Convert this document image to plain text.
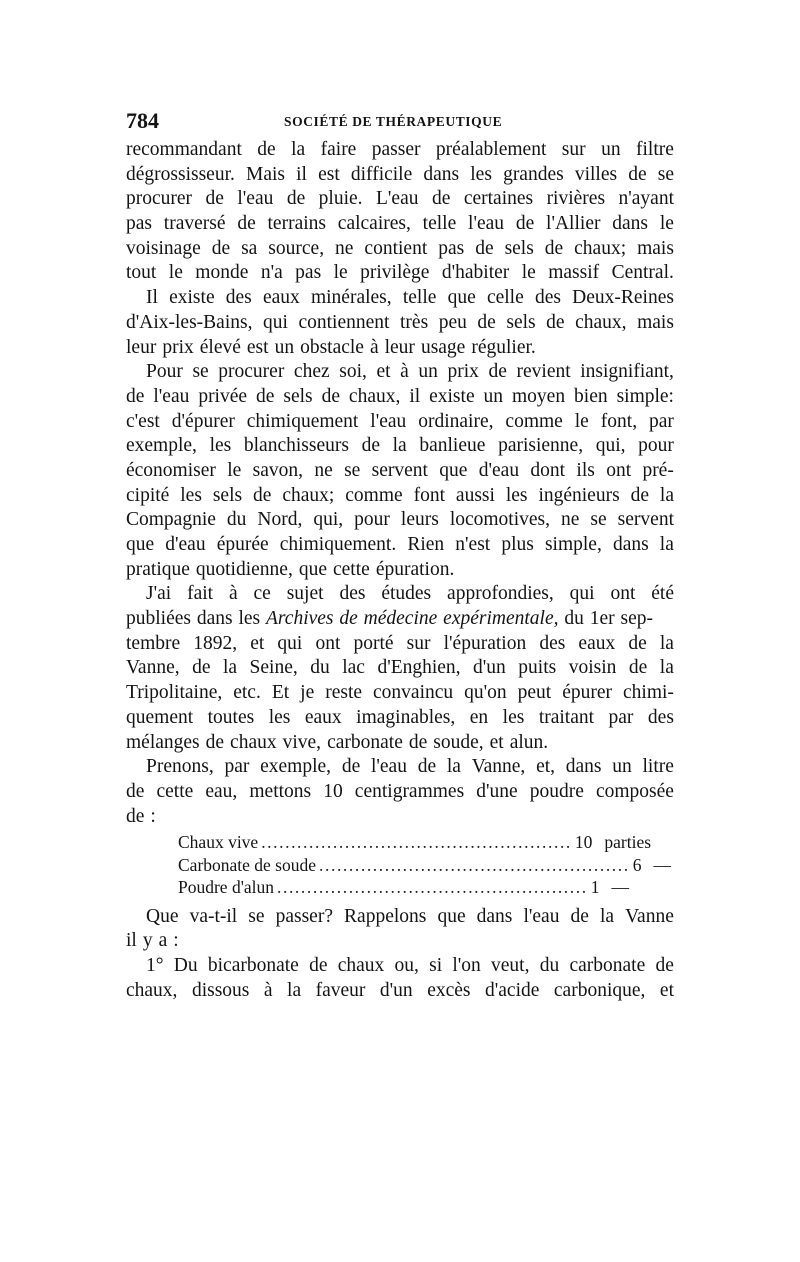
784	SOCIÉTÉ DE THÉRAPEUTIQUE
recommandant de la faire passer préalablement sur un filtre
dégrossisseur. Mais il est difficile dans les grandes villes de se
procurer de l'eau de pluie. L'eau de certaines rivières n'ayant
pas traversé de terrains calcaires, telle l'eau de l'Allier dans le
voisinage de sa source, ne contient pas de sels de chaux; mais
tout le monde n'a pas le privilège d'habiter le massif Central.
Il existe des eaux minérales, telle que celle des Deux-Reines
d'Aix-les-Bains, qui contiennent très peu de sels de chaux, mais
leur prix élevé est un obstacle à leur usage régulier.
Pour se procurer chez soi, et à un prix de revient insignifiant,
de l'eau privée de sels de chaux, il existe un moyen bien simple:
c'est d'épurer chimiquement l'eau ordinaire, comme le font, par
exemple, les blanchisseurs de la banlieue parisienne, qui, pour
économiser le savon, ne se servent que d'eau dont ils ont pré-
cipité les sels de chaux; comme font aussi les ingénieurs de la
Compagnie du Nord, qui, pour leurs locomotives, ne se servent
que d'eau épurée chimiquement. Rien n'est plus simple, dans la
pratique quotidienne, que cette épuration.
J'ai fait à ce sujet des études approfondies, qui ont été
publiées dans les
Archives de médecine expérimentale,
du 1er sep-
tembre 1892, et qui ont porté sur l'épuration des eaux de la
Vanne, de la Seine, du lac d'Enghien, d'un puits voisin de la
Tripolitaine, etc. Et je reste convaincu qu'on peut épurer chimi-
quement toutes les eaux imaginables, en les traitant par des
mélanges de chaux vive, carbonate de soude, et alun.
Prenons, par exemple, de l'eau de la Vanne, et, dans un litre
de cette eau, mettons 10 centigrammes d'une poudre composée
de :
Chaux vive .................................................... 10 parties
Carbonate de soude .................................................... 6 —
Poudre d'alun .................................................... 1 —
Que va-t-il se passer? Rappelons que dans l'eau de la Vanne
il y a :
1° Du bicarbonate de chaux ou, si l'on veut, du carbonate de
chaux, dissous à la faveur d'un excès d'acide carbonique, et
